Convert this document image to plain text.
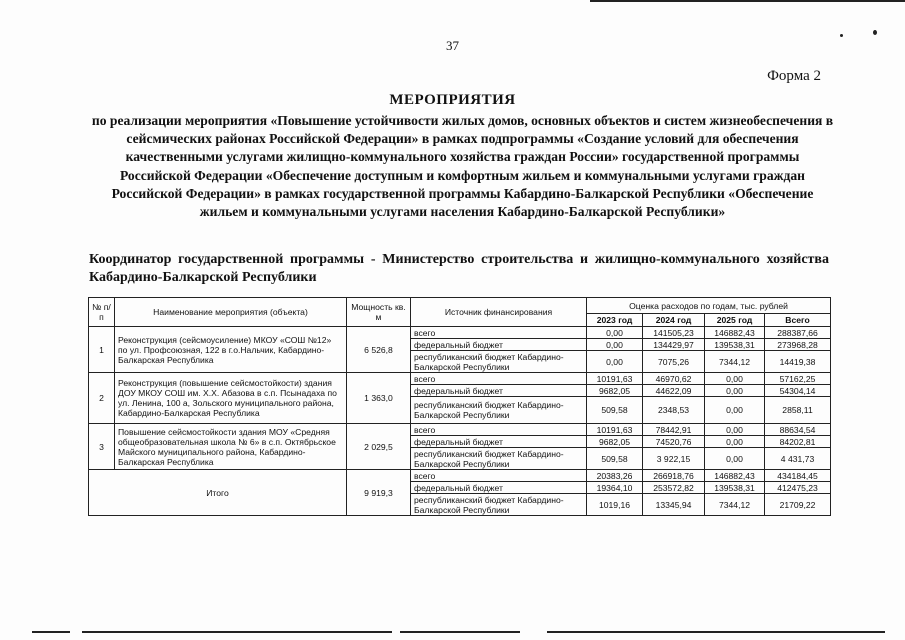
37
Форма 2
МЕРОПРИЯТИЯ
по реализации мероприятия «Повышение устойчивости жилых домов, основных объектов и систем жизнеобеспечения в сейсмических районах Российской Федерации» в рамках подпрограммы «Создание условий для обеспечения качественными услугами жилищно-коммунального хозяйства граждан России» государственной программы Российской Федерации «Обеспечение доступным и комфортным жильем и коммунальными услугами граждан Российской Федерации» в рамках государственной программы Кабардино-Балкарской Республики «Обеспечение жильем и коммунальными услугами населения Кабардино-Балкарской Республики»
Координатор государственной программы - Министерство строительства и жилищно-коммунального хозяйства Кабардино-Балкарской Республики
№ п/п	Наименование мероприятия (объекта)	Мощность кв. м	Источник финансирования	Оценка расходов по годам, тыс. рублей			
				2023 год	2024 год	2025 год	Всего
1	Реконструкция (сейсмоусиление) МКОУ «СОШ №12» по ул. Профсоюзная, 122 в г.о.Нальчик, Кабардино-Балкарская Республика	6 526,8	всего	0,00	141505,23	146882,43	288387,66
			федеральный бюджет	0,00	134429,97	139538,31	273968,28
			республиканский бюджет Кабардино- Балкарской Республики	0,00	7075,26	7344,12	14419,38
2	Реконструкция (повышение сейсмостойкости) здания ДОУ МКОУ СОШ им. Х.Х. Абазова в с.п. Псынадаха по ул. Ленина, 100 а, Зольского муниципального района, Кабардино-Балкарская Республика	1 363,0	всего	10191,63	46970,62	0,00	57162,25
			федеральный бюджет	9682,05	44622,09	0,00	54304,14
			республиканский бюджет Кабардино- Балкарской Республики	509,58	2348,53	0,00	2858,11
3	Повышение сейсмостойкости здания МОУ «Средняя общеобразовательная школа № 6» в с.п. Октябрьское Майского муниципального района, Кабардино-Балкарская Республика	2 029,5	всего	10191,63	78442,91	0,00	88634,54
			федеральный бюджет	9682,05	74520,76	0,00	84202,81
			республиканский бюджет Кабардино- Балкарской Республики	509,58	3 922,15	0,00	4 431,73
Итого		9 919,3	всего	20383,26	266918,76	146882,43	434184,45
			федеральный бюджет	19364,10	253572,82	139538,31	412475,23
			республиканский бюджет Кабардино- Балкарской Республики	1019,16	13345,94	7344,12	21709,22
